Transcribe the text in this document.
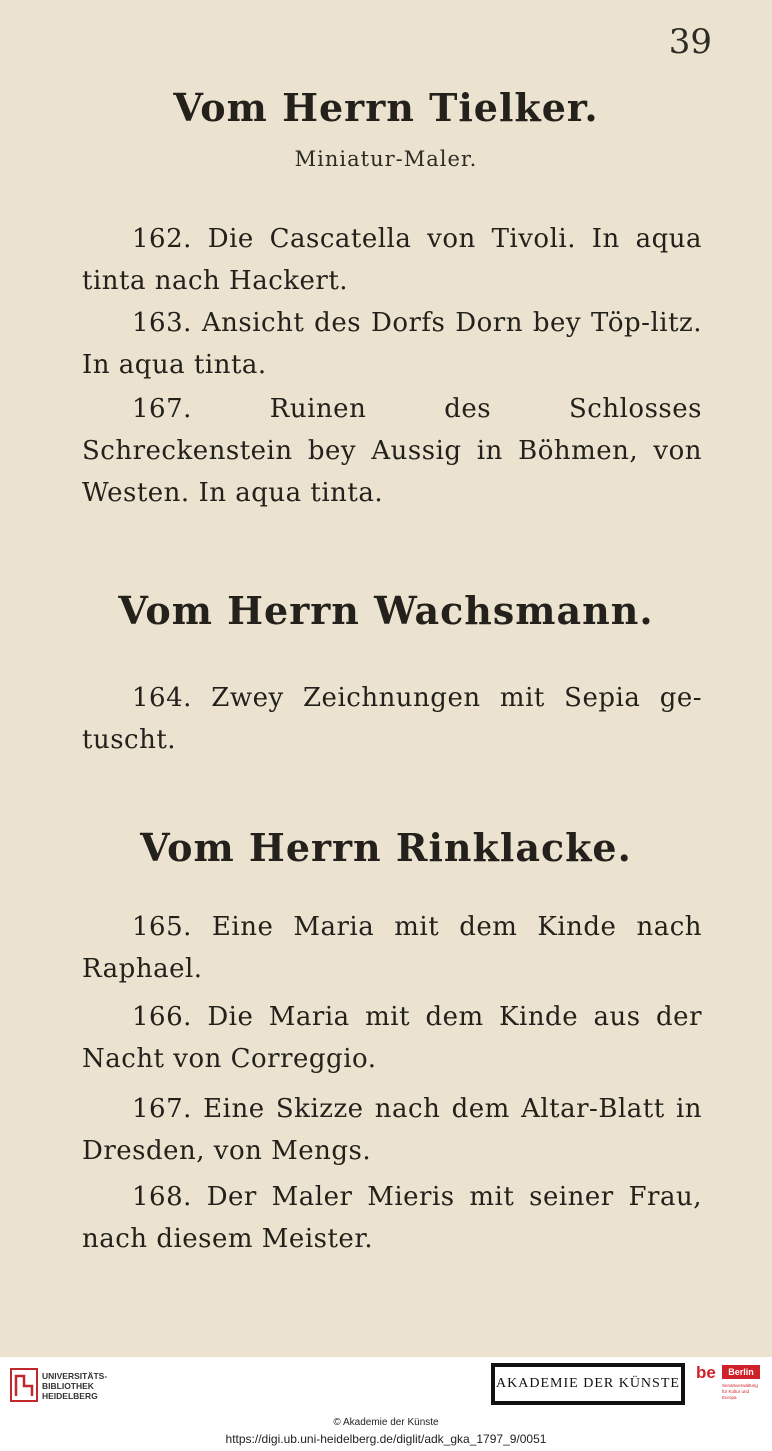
39
Vom Herrn Tielker.
Miniatur-Maler.
162. Die Cascatella von Tivoli. In aqua tinta nach Hackert.
163. Ansicht des Dorfs Dorn bey Töp-litz. In aqua tinta.
167.	Ruinen des Schlosses Schreckenstein bey Aussig in Böhmen, von Westen. In aqua tinta.
Vom Herrn Wachsmann.
164. Zwey Zeichnungen mit Sepia ge-tuscht.
Vom Herrn Rinklacke.
165. Eine Maria mit dem Kinde nach Raphael.
166. Die Maria mit dem Kinde aus der Nacht von Correggio.
167. Eine Skizze nach dem Altar-Blatt in Dresden, von Mengs.
168. Der Maler Mieris mit seiner Frau, nach diesem Meister.
UNIVERSITÄTS-
BIBLIOTHEK
HEIDELBERG
AKADEMIE DER KÜNSTE
be	Berlin
Senatsverwaltung für Kultur und Europa
© Akademie der Künste
https://digi.ub.uni-heidelberg.de/diglit/adk_gka_1797_9/0051
